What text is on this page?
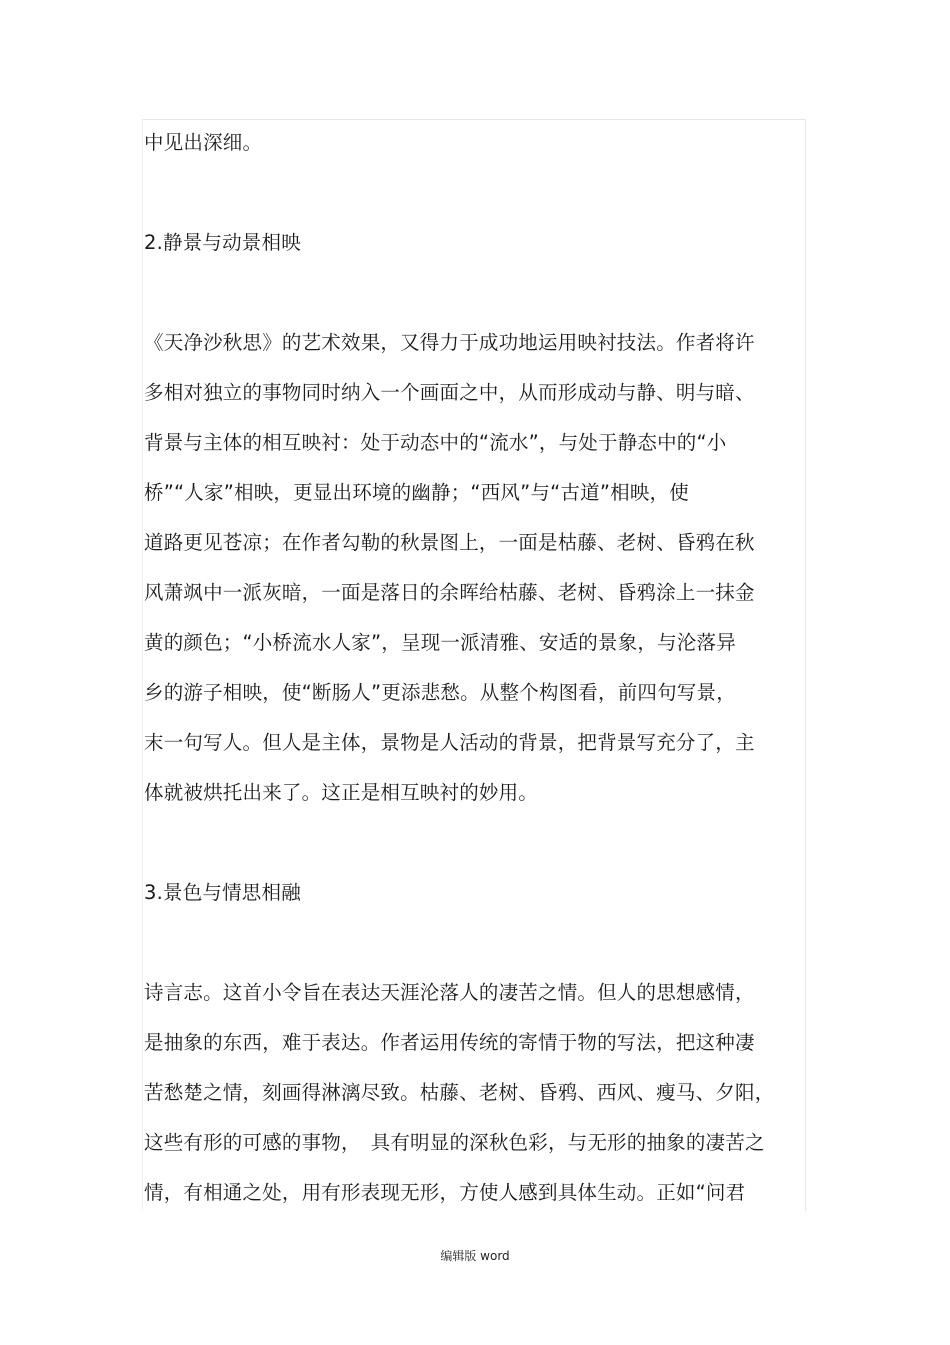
中见出深细。
2.静景与动景相映
《天净沙秋思》的艺术效果，又得力于成功地运用映衬技法。作者将许
多相对独立的事物同时纳入一个画面之中，从而形成动与静、明与暗、
背景与主体的相互映衬：处于动态中的“流水”，与处于静态中的“小
桥”“人家”相映，更显出环境的幽静；“西风”与“古道”相映，使
道路更见苍凉；在作者勾勒的秋景图上，一面是枯藤、老树、昏鸦在秋
风萧飒中一派灰暗，一面是落日的余晖给枯藤、老树、昏鸦涂上一抹金
黄的颜色；“小桥流水人家”，呈现一派清雅、安适的景象，与沦落异
乡的游子相映，使“断肠人”更添悲愁。从整个构图看，前四句写景，
末一句写人。但人是主体，景物是人活动的背景，把背景写充分了，主
体就被烘托出来了。这正是相互映衬的妙用。
3.景色与情思相融
诗言志。这首小令旨在表达天涯沦落人的凄苦之情。但人的思想感情，
是抽象的东西，难于表达。作者运用传统的寄情于物的写法，把这种凄
苦愁楚之情，刻画得淋漓尽致。枯藤、老树、昏鸦、西风、瘦马、夕阳，
这些有形的可感的事物，　具有明显的深秋色彩，与无形的抽象的凄苦之
情，有相通之处，用有形表现无形，方使人感到具体生动。正如“问君
编辑版 word
